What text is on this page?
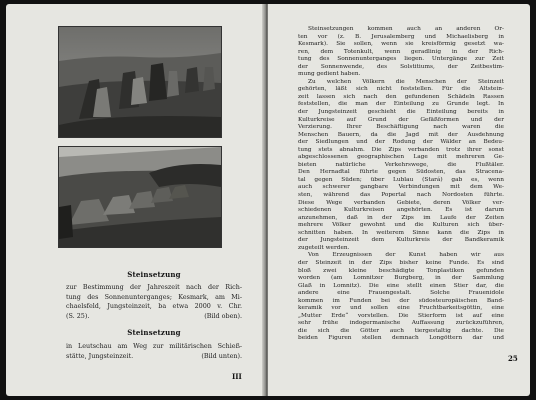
Steinsetzung
zur Bestimmung der Jahreszeit nach der Rich-
tung des Sonnenunterganges; Kesmark, am Mi-
chaelsfeld, Jungsteinzeit, ba etwa 2000 v. Chr.
(S. 25).	(Bild oben).
Steinsetzung
in Leutschau am Weg zur militärischen Schieß-
stätte, Jungsteinzeit.	(Bild unten).
III
Steinsetzungen kommen auch an anderen Or-
ten vor (z. B. Jerusalemberg und Michaelisberg in
Kesmark). Sie sollen, wenn sie kreisförmig gesetzt wa-
ren, dem Totenkult, wenn geradlinig in der Rich-
tung des Sonnenunterganges liegen. Untergänge zur Zeit
der Sonnenwende, des Solstitiums, der Zeitbestim-
mung gedient haben.
Zu welchen Völkern die Menschen der Steinzeit
gehörten, läßt sich nicht feststellen. Für die Altstein-
zeit lassen sich nach den gefundenen Schädeln Rassen
feststellen, die man der Einteilung zu Grunde legt. In
der Jungsteinzeit geschieht die Einteilung bereits in
Kulturkreise auf Grund der Gefäßformen und der
Verzierung. Ihrer Beschäftigung nach waren die
Menschen Bauern, da die Jagd mit der Ausdehnung
der Siedlungen und der Rodung der Wälder an Bedeu-
tung stets abnahm. Die Zips verbanden trotz ihrer sonst
abgeschlossenen geographischen Lage mit mehreren Ge-
bieten natürliche Verkehrswege, die Flußtäler.
Den Hernadtal führte gegen Südosten, das Stracena-
tal gegen Süden; über Lublau (Stará) gab es, wenn
auch schwerer gangbare Verbindungen mit dem We-
sten, während das Popertal nach Nordosten führte.
Diese Wege verbanden Gebiete, deren Völker ver-
schiedenen Kulturkreisen angehörten. Es ist darum
anzunehmen, daß in der Zips im Laufe der Zeiten
mehrere Völker gewohnt und die Kulturen sich über-
schnitten haben. In weiterem Sinne kann die Zips in
der Jungsteinzeit dem Kulturkreis der Bandkeramik
zugeteilt werden.
Von Erzeugnissen der Kunst haben wir aus
der Steinzeit in der Zips bisher keine Funde. Es sind
bloß zwei kleine beschädigte Tonplastiken gefunden
worden (am Lomnitzer Burgberg, in der Sammlung
Glaß in Lomnitz). Die eine stellt einen Stier dar, die
andere eine Frauengestalt. Solche Frauenidole
kommen im Funden bei der südosteuropäischen Band-
keramik vor und sollen eine Fruchtbarkeitsgöttin, eine
„Mutter Erde“ vorstellen. Die Stierform ist auf eine
sehr frühe indogermanische Auffassung zurückzuführen,
die sich die Götter auch tiergestaltig dachte. Die
beiden Figuren stellen demnach Longöttern dar und
25
